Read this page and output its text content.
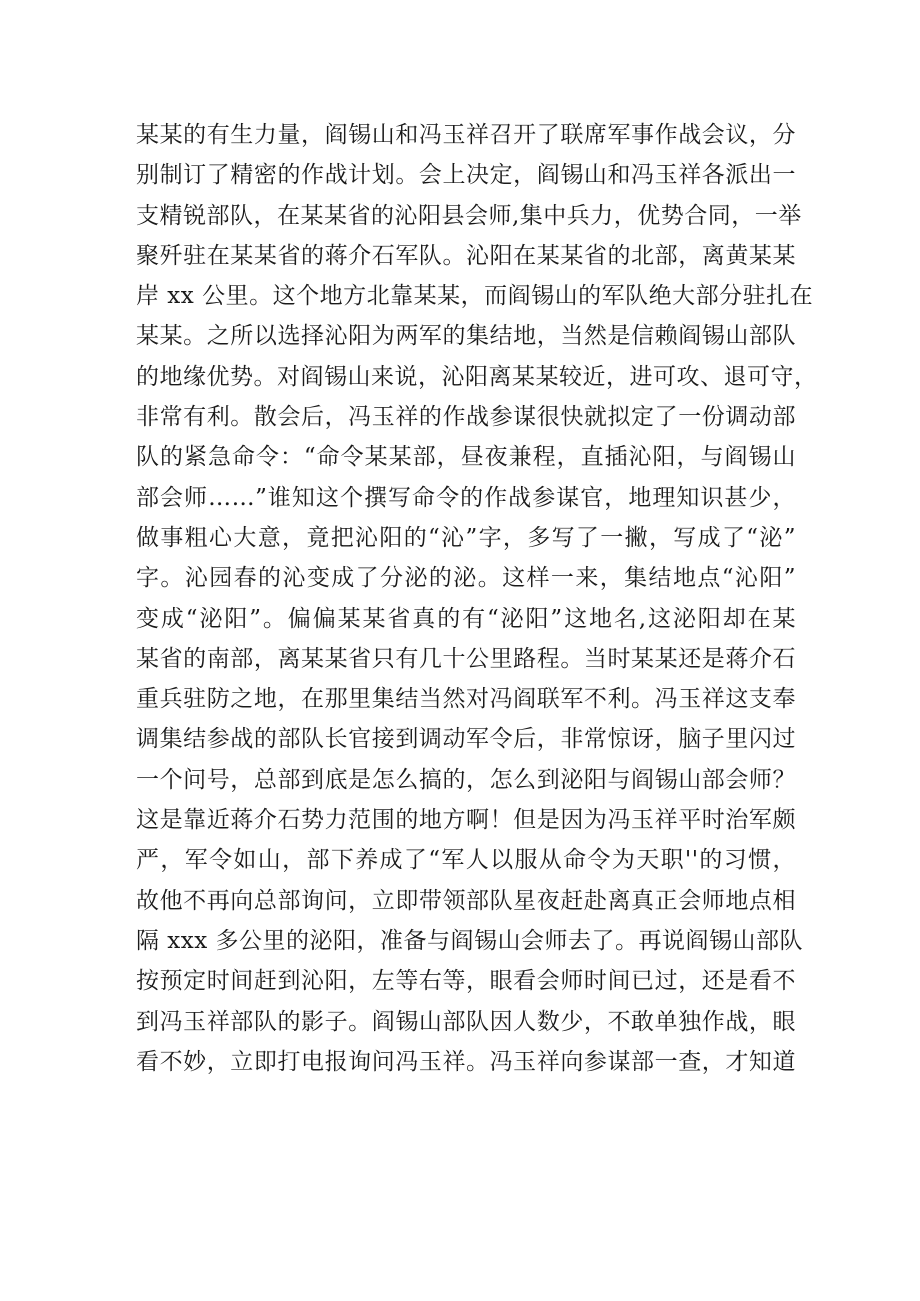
某某的有生力量，阎锡山和冯玉祥召开了联席军事作战会议，分
别制订了精密的作战计划。会上决定，阎锡山和冯玉祥各派出一
支精锐部队，在某某省的沁阳县会师,集中兵力，优势合同，一举
聚歼驻在某某省的蒋介石军队。沁阳在某某省的北部，离黄某某
岸 xx 公里。这个地方北靠某某，而阎锡山的军队绝大部分驻扎在
某某。之所以选择沁阳为两军的集结地，当然是信赖阎锡山部队
的地缘优势。对阎锡山来说，沁阳离某某较近，进可攻、退可守，
非常有利。散会后，冯玉祥的作战参谋很快就拟定了一份调动部
队的紧急命令：“命令某某部，昼夜兼程，直插沁阳，与阎锡山
部会师……”谁知这个撰写命令的作战参谋官，地理知识甚少，
做事粗心大意，竟把沁阳的“沁”字，多写了一撇，写成了“泌”
字。沁园春的沁变成了分泌的泌。这样一来，集结地点“沁阳”
变成“泌阳”。偏偏某某省真的有“泌阳”这地名,这泌阳却在某
某省的南部，离某某省只有几十公里路程。当时某某还是蒋介石
重兵驻防之地，在那里集结当然对冯阎联军不利。冯玉祥这支奉
调集结参战的部队长官接到调动军令后，非常惊讶，脑子里闪过
一个问号，总部到底是怎么搞的，怎么到泌阳与阎锡山部会师？
这是靠近蒋介石势力范围的地方啊！但是因为冯玉祥平时治军颇
严，军令如山，部下养成了“军人以服从命令为天职''的习惯，
故他不再向总部询问，立即带领部队星夜赶赴离真正会师地点相
隔 xxx 多公里的泌阳，准备与阎锡山会师去了。再说阎锡山部队
按预定时间赶到沁阳，左等右等，眼看会师时间已过，还是看不
到冯玉祥部队的影子。阎锡山部队因人数少，不敢单独作战，眼
看不妙，立即打电报询问冯玉祥。冯玉祥向参谋部一查，才知道
